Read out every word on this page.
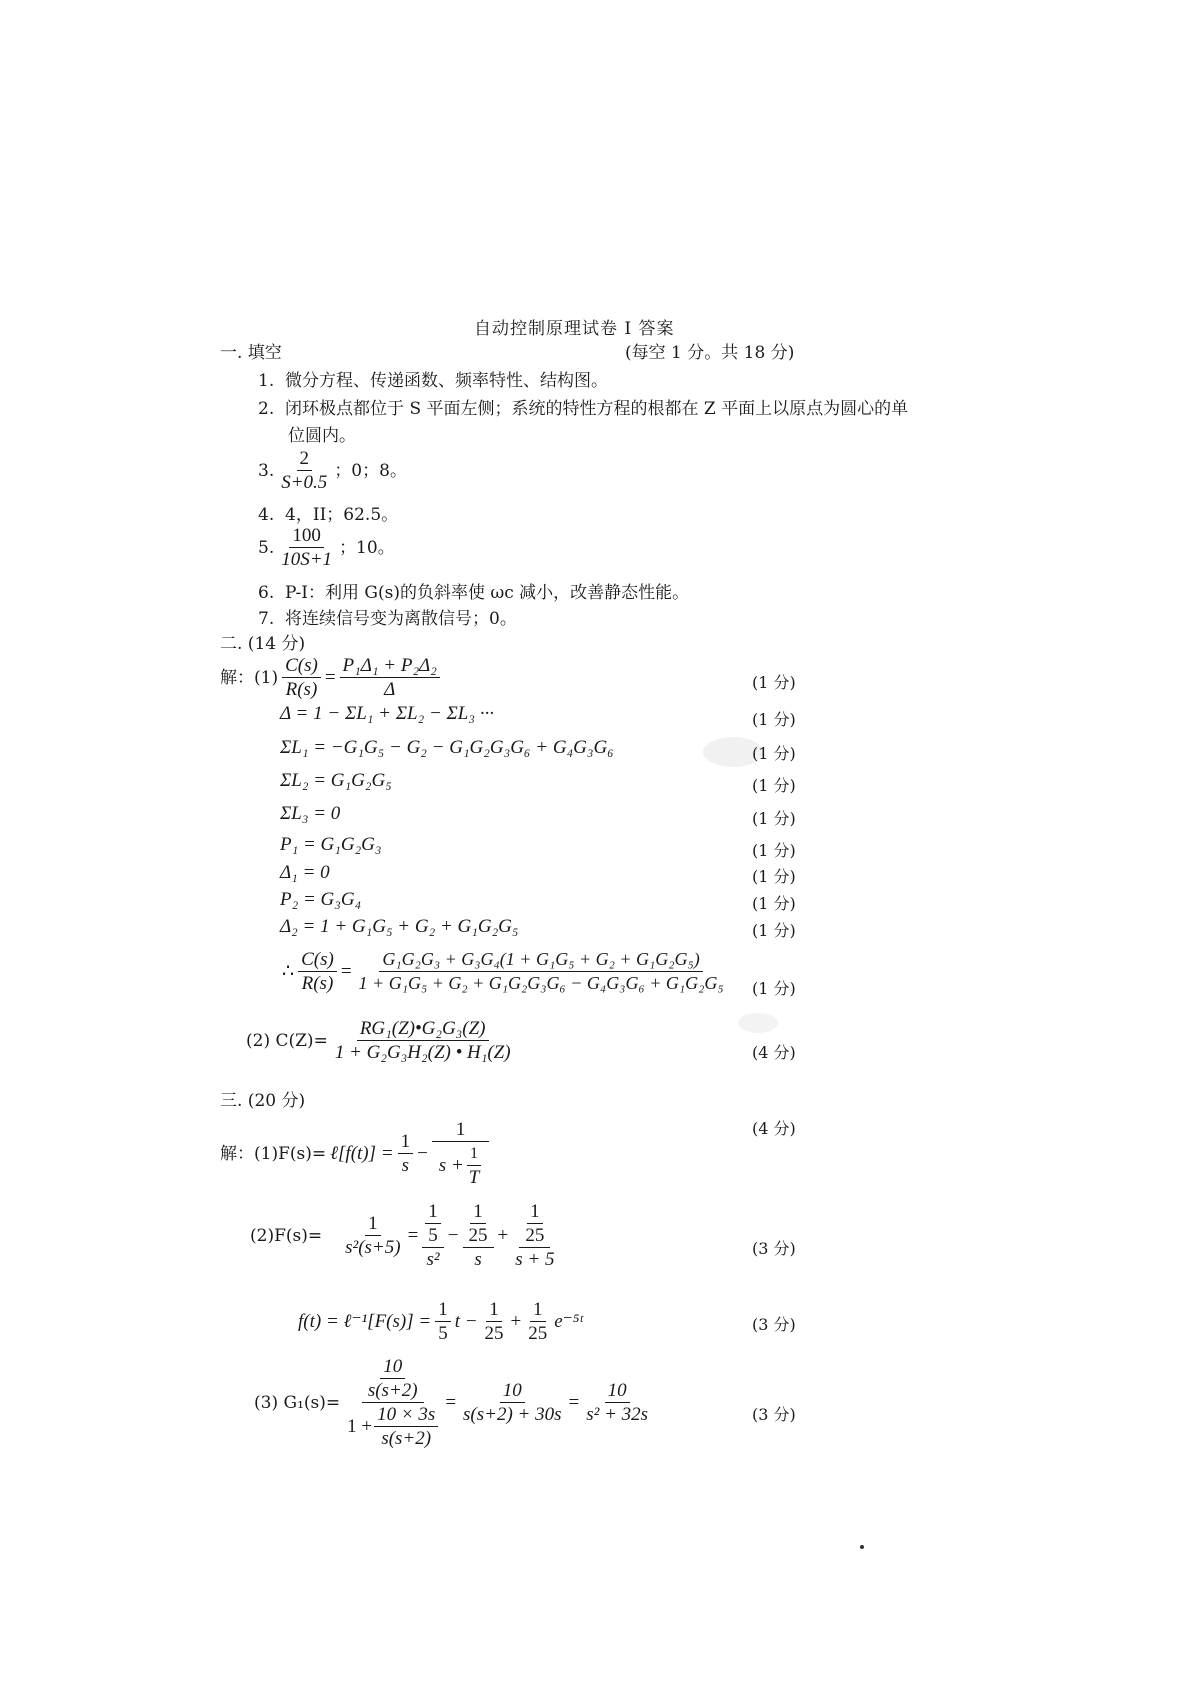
自动控制原理试卷 I 答案
一. 填空	(每空 1 分。共 18 分)
1. 微分方程、传递函数、频率特性、结构图。
2. 闭环极点都位于 S 平面左侧；系统的特性方程的根都在 Z 平面上以原点为圆心的单
位圆内。
3. $\frac{2}{S+0.5}$ ；0；8。
4. 4，II；62.5。
5. $\frac{100}{10S+1}$ ；10。
6. P-I：利用 G(s)的负斜率使 ωc 减小，改善静态性能。
7. 将连续信号变为离散信号；0。
二. (14 分)
解：$(1) \frac{C(s)}{R(s)} = \frac{\text{P₁Δ₁ + P₂Δ₂}}{\Delta}$	(1 分)
Δ = 1 − ΣL₁ + ΣL₂ − ΣL₃ ···	(1 分)
ΣL₁ = −G₁G₅ − G₂ − G₁G₂G₃G₆ + G₄G₃G₆	(1 分)
ΣL₂ = G₁G₂G₅	(1 分)
ΣL₃ = 0	(1 分)
P₁ = G₁G₂G₃	(1 分)
Δ₁ = 0	(1 分)
P₂ = G₃G₄	(1 分)
Δ₂ = 1 + G₁G₅ + G₂ + G₁G₂G₅	(1 分)
∴ $\frac{C(s)}{R(s)} = \frac{\text{G₁G₂G₃ + G₃G₄(1 + G₁G₅ + G₂ + G₁G₂G₅)}}{\text{1 + G₁G₅ + G₂ + G₁G₂G₃G₆ − G₄G₃G₆ + G₁G₂G₅}} (1$ 分)
(2) $C(Z)= \frac{\text{RG₁(Z)•G₂G₃(Z)}}{\text{1 + G₂G₃H₂(Z) • H₁(Z)}}$	(4 分)
三. (20 分)
解：(1)F(s)= ℓ[f(t)] = $\frac{1}{s} - \frac{1}{s + \frac{1}{T}}$	(4 分)
$(2)F(s)= \frac{1}{\text{s²(s+5)}} = \frac{\frac{1}{5}}{\text{s²}} - \frac{\frac{1}{25}}{s} + \frac{\frac{1}{25}}{s + 5}$	(3 分)
f(t) = ℓ⁻¹[F(s)] = $\frac{1}{5}$ $t - \frac{1}{25} + \frac{1}{25}$ e⁻⁵ᵗ	(3 分)
(3) $G_1(s)= \frac{\frac{10}{s(s+2)}}{1 + \frac{10 \times 3s}{s(s+2)}} = \frac{10}{s(s+2) + 30s} = \frac{10}{\text{s² + 32s}}$	(3 分)
